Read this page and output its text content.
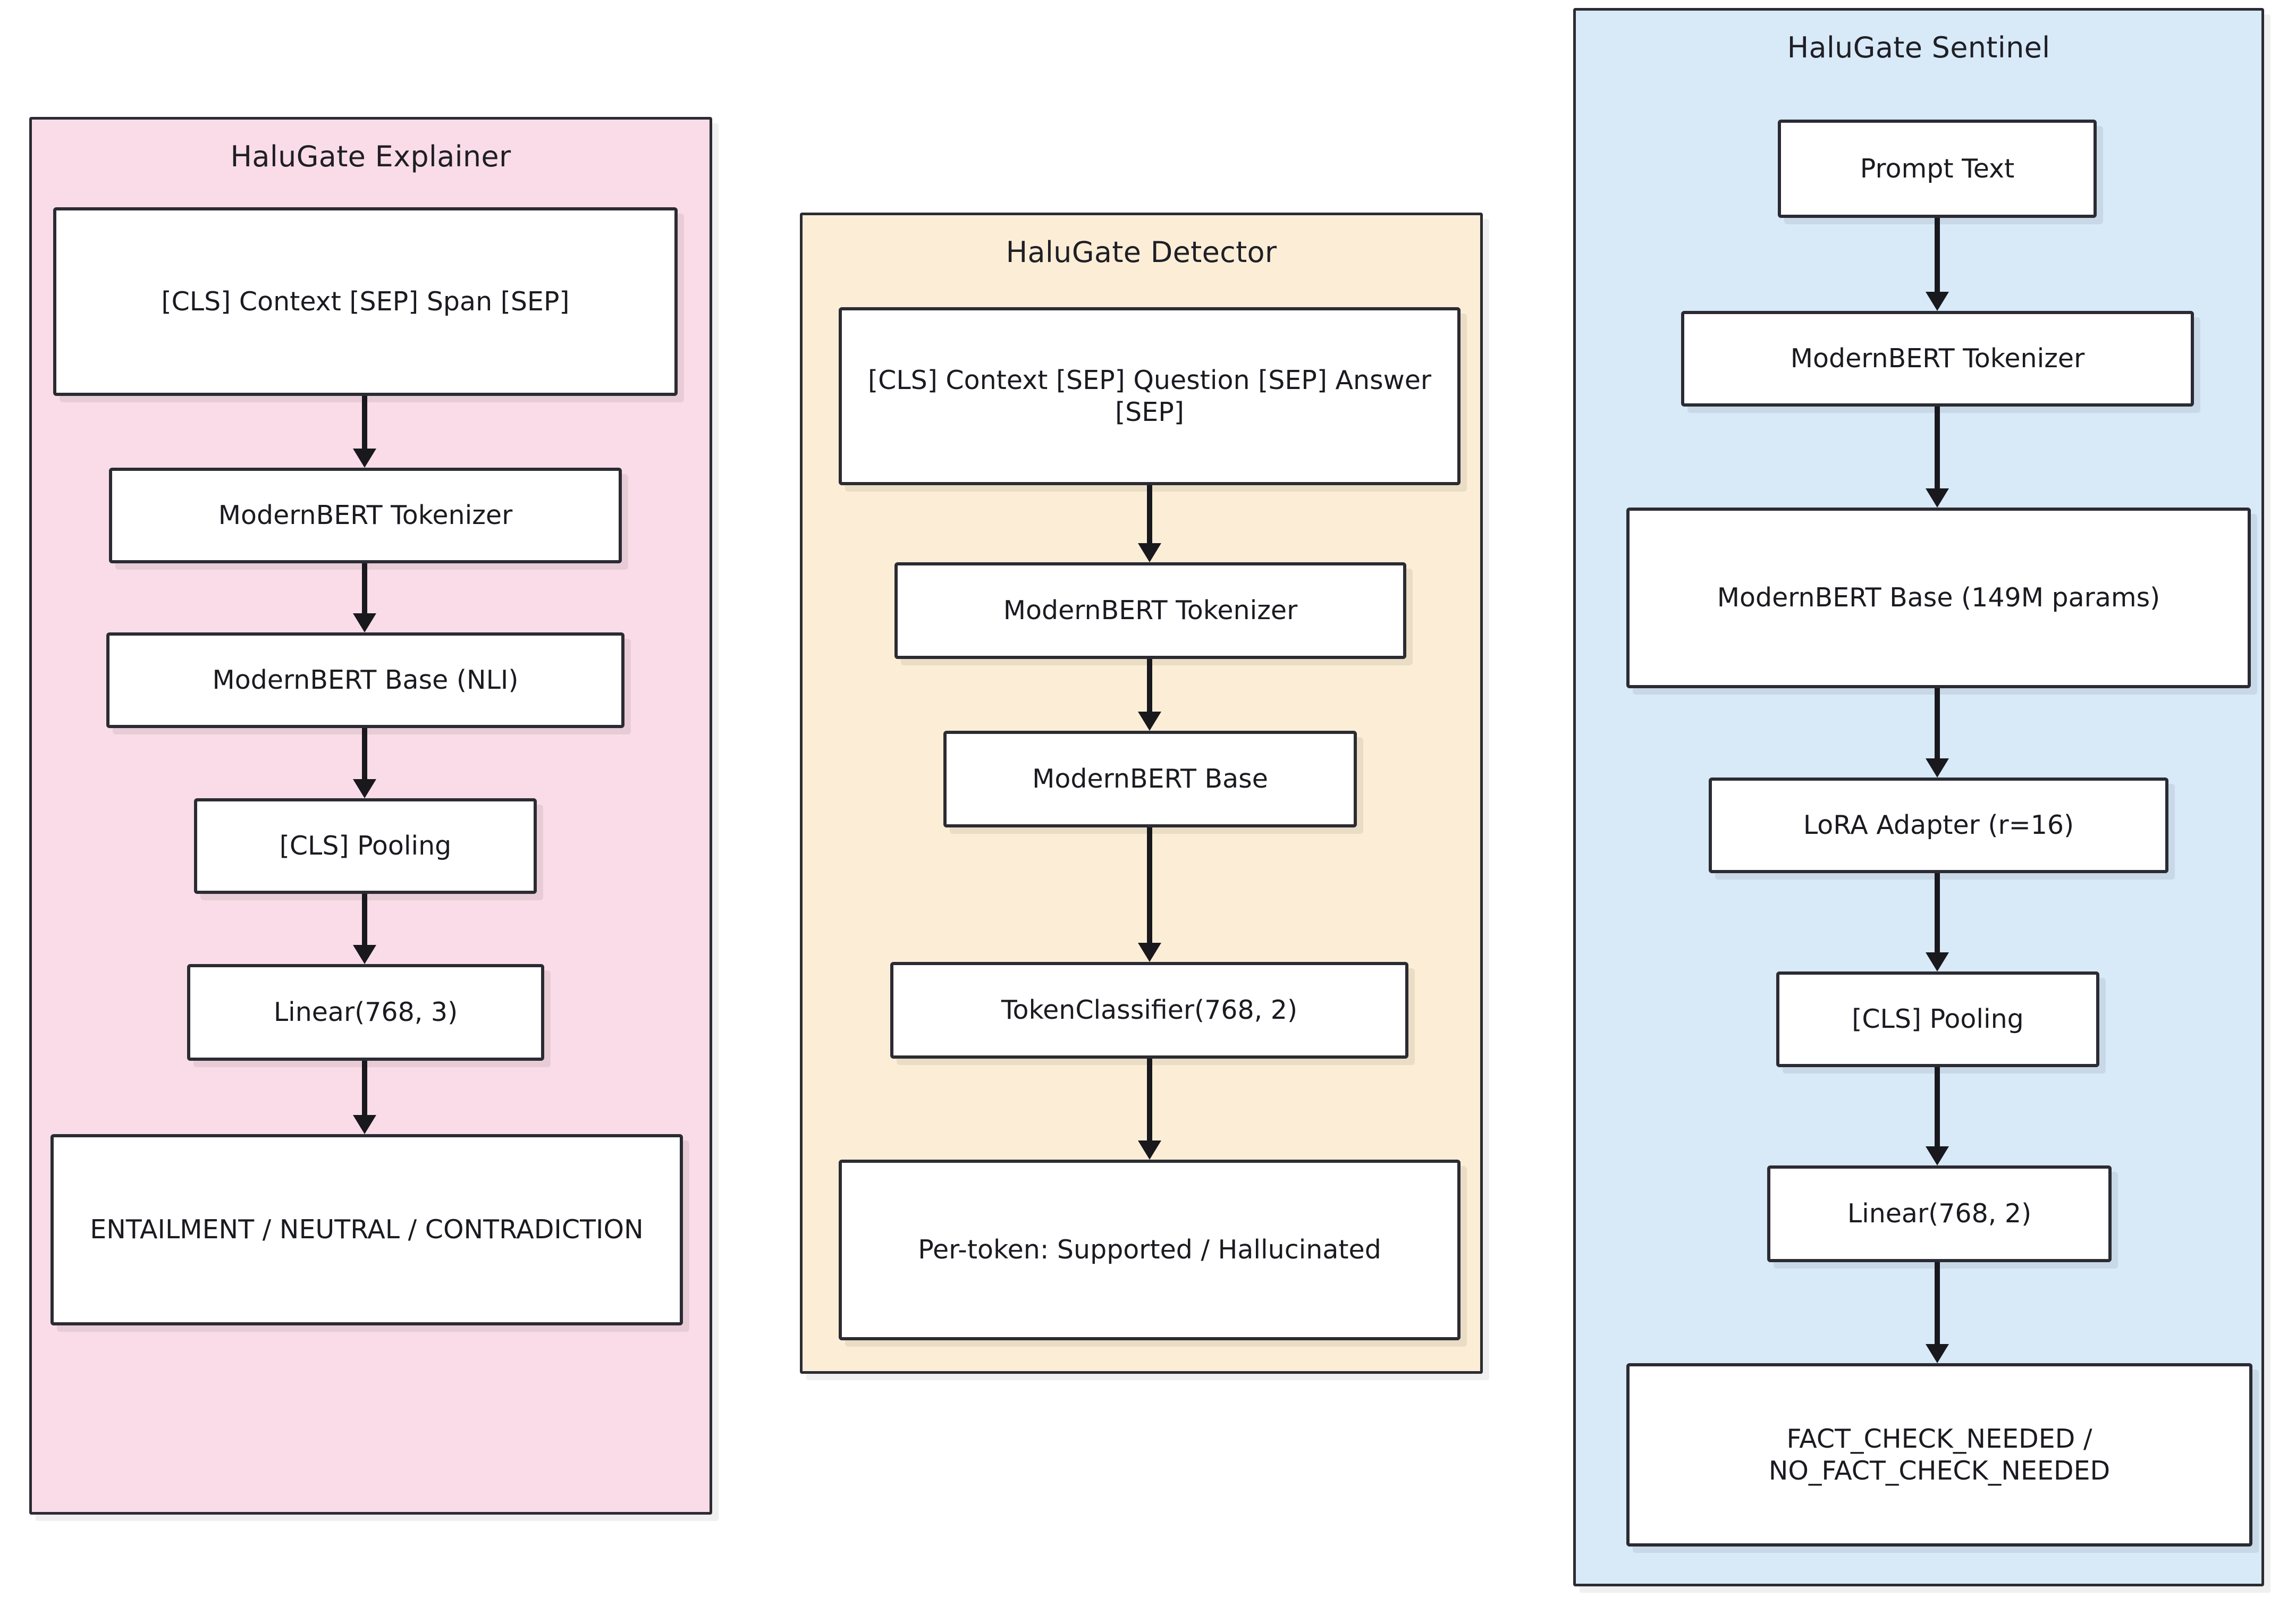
HaluGate Explainer
[CLS] Context [SEP] Span [SEP]
ModernBERT Tokenizer
ModernBERT Base (NLI)
[CLS] Pooling
Linear(768, 3)
ENTAILMENT / NEUTRAL / CONTRADICTION
HaluGate Detector
[CLS] Context [SEP] Question [SEP] Answer [SEP]
ModernBERT Tokenizer
ModernBERT Base
TokenClassifier(768, 2)
Per-token: Supported / Hallucinated
HaluGate Sentinel
Prompt Text
ModernBERT Tokenizer
ModernBERT Base (149M params)
LoRA Adapter (r=16)
[CLS] Pooling
Linear(768, 2)
FACT_CHECK_NEEDED / NO_FACT_CHECK_NEEDED
